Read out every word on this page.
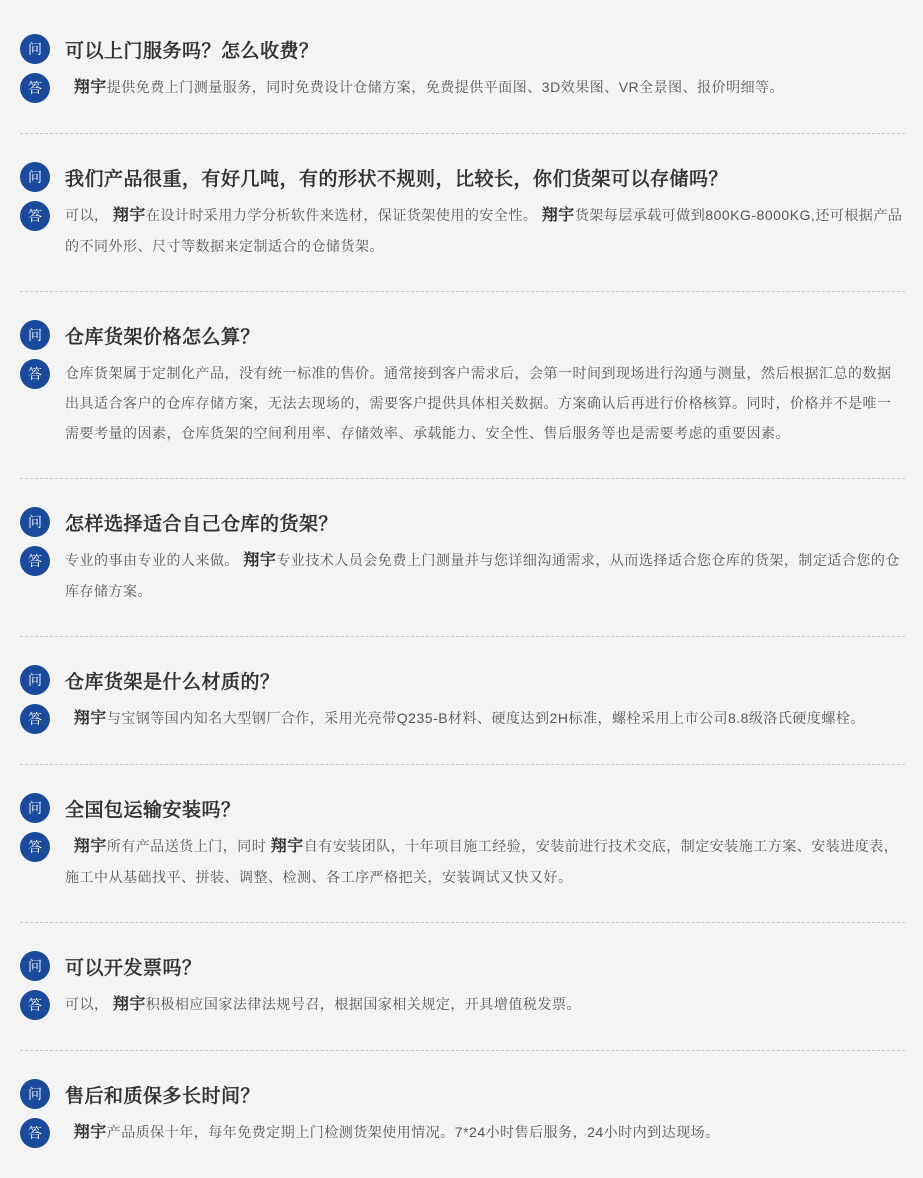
问	可以上门服务吗？怎么收费？
答	翔宇提供免费上门测量服务，同时免费设计仓储方案，免费提供平面图、3D效果图、VR全景图、报价明细等。

问	我们产品很重，有好几吨，有的形状不规则，比较长，你们货架可以存储吗？
答	可以， 翔宇在设计时采用力学分析软件来选材，保证货架使用的安全性。 翔宇货架每层承载可做到800KG-8000KG,还可根据产品的不同外形、尺寸等数据来定制适合的仓储货架。

问	仓库货架价格怎么算？
答	仓库货架属于定制化产品，没有统一标准的售价。通常接到客户需求后，会第一时间到现场进行沟通与测量，然后根据汇总的数据出具适合客户的仓库存储方案，无法去现场的，需要客户提供具体相关数据。方案确认后再进行价格核算。同时，价格并不是唯一需要考量的因素，仓库货架的空间利用率、存储效率、承载能力、安全性、售后服务等也是需要考虑的重要因素。

问	怎样选择适合自己仓库的货架？
答	专业的事由专业的人来做。 翔宇专业技术人员会免费上门测量并与您详细沟通需求，从而选择适合您仓库的货架，制定适合您的仓库存储方案。

问	仓库货架是什么材质的？
答	翔宇与宝钢等国内知名大型钢厂合作，采用光亮带Q235-B材料、硬度达到2H标准，螺栓采用上市公司8.8级洛氏硬度螺栓。

问	全国包运输安装吗？
答	翔宇所有产品送货上门，同时 翔宇自有安装团队，十年项目施工经验，安装前进行技术交底，制定安装施工方案、安装进度表，施工中从基础找平、拼装、调整、检测、各工序严格把关，安装调试又快又好。

问	可以开发票吗？
答	可以， 翔宇积极相应国家法律法规号召，根据国家相关规定，开具增值税发票。

问	售后和质保多长时间？
答	翔宇产品质保十年，每年免费定期上门检测货架使用情况。7*24小时售后服务，24小时内到达现场。
